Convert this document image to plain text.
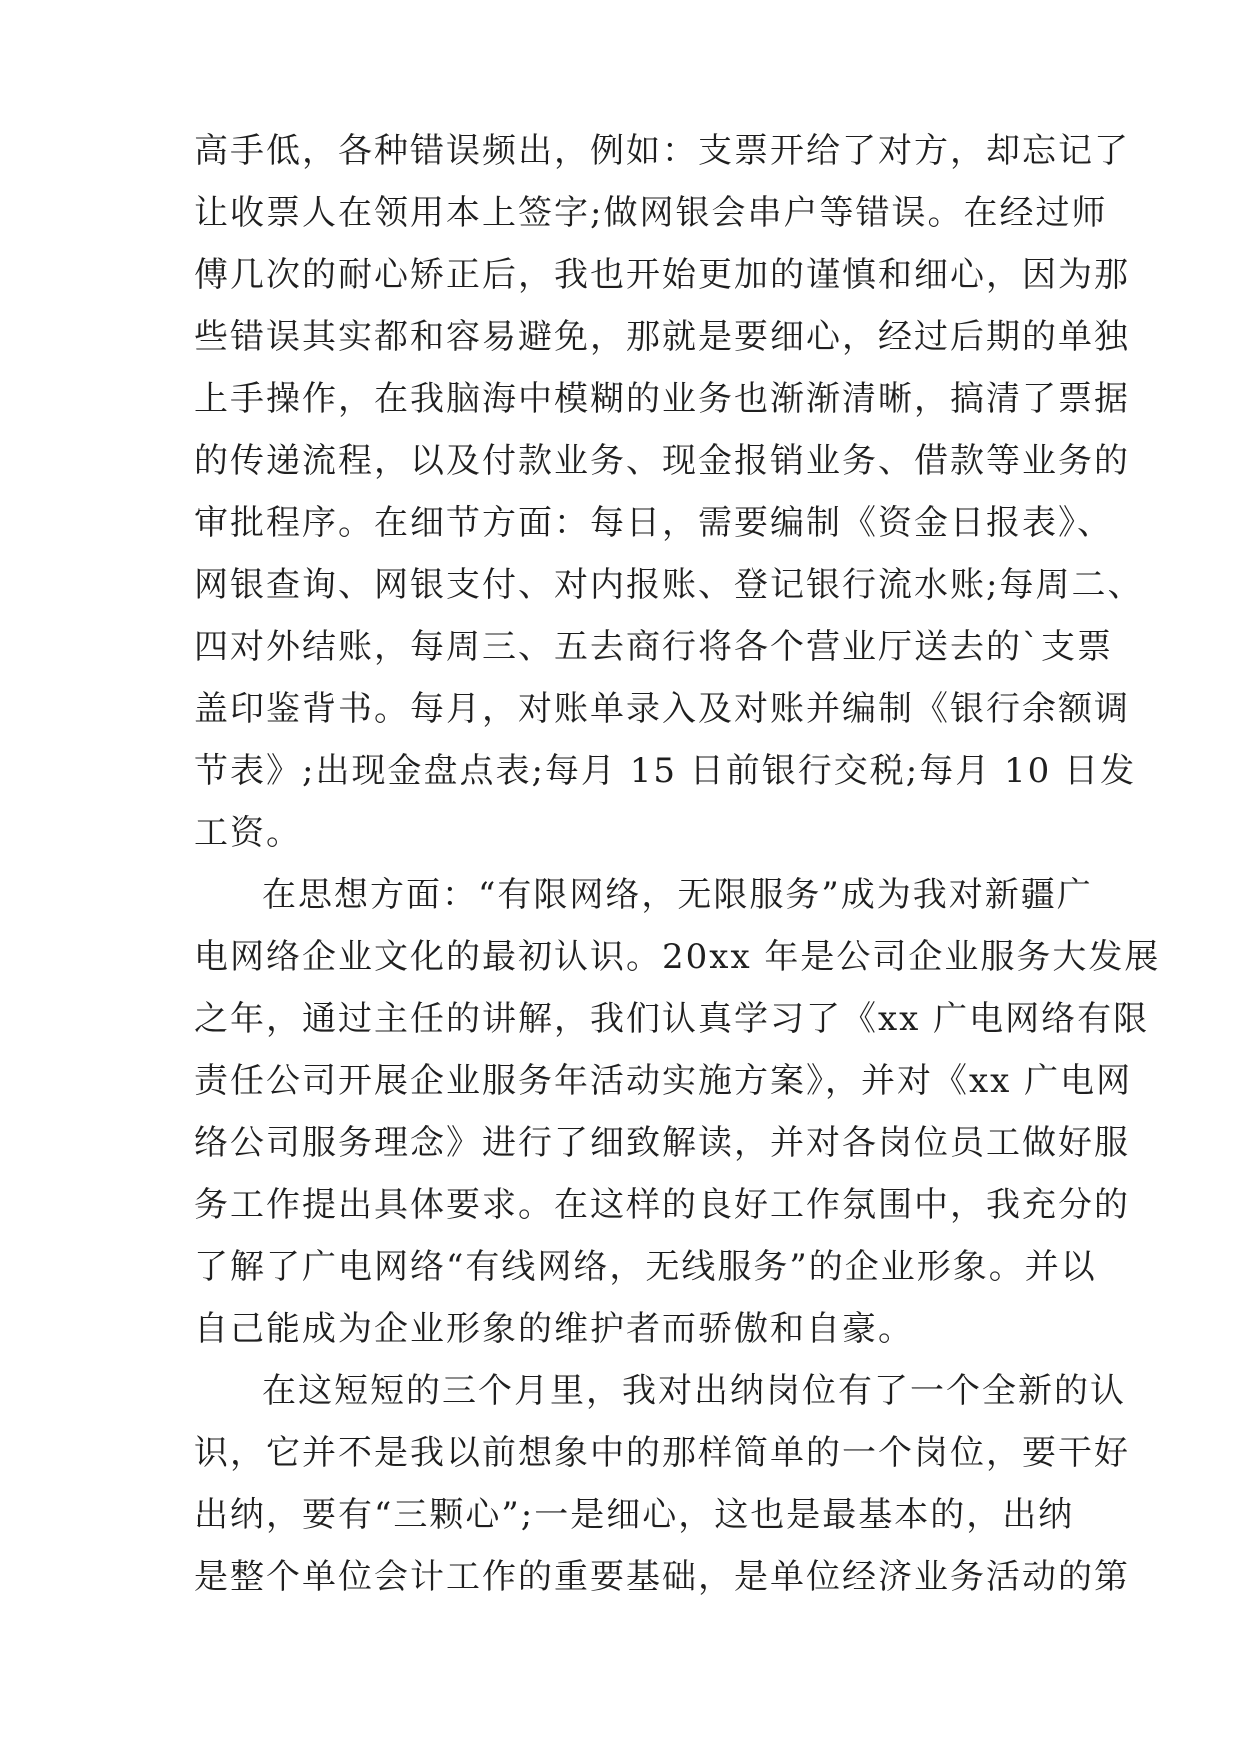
高手低，各种错误频出，例如：支票开给了对方，却忘记了
让收票人在领用本上签字;做网银会串户等错误。在经过师
傅几次的耐心矫正后，我也开始更加的谨慎和细心，因为那
些错误其实都和容易避免，那就是要细心，经过后期的单独
上手操作，在我脑海中模糊的业务也渐渐清晰，搞清了票据
的传递流程，以及付款业务、现金报销业务、借款等业务的
审批程序。在细节方面：每日，需要编制《资金日报表》、
网银查询、网银支付、对内报账、登记银行流水账;每周二、
四对外结账，每周三、五去商行将各个营业厅送去的`支票
盖印鉴背书。每月，对账单录入及对账并编制《银行余额调
节表》;出现金盘点表;每月 15 日前银行交税;每月 10 日发
工资。
在思想方面：“有限网络，无限服务”成为我对新疆广
电网络企业文化的最初认识。20xx 年是公司企业服务大发展
之年，通过主任的讲解，我们认真学习了《xx 广电网络有限
责任公司开展企业服务年活动实施方案》，并对《xx 广电网
络公司服务理念》进行了细致解读，并对各岗位员工做好服
务工作提出具体要求。在这样的良好工作氛围中，我充分的
了解了广电网络“有线网络，无线服务”的企业形象。并以
自己能成为企业形象的维护者而骄傲和自豪。
在这短短的三个月里，我对出纳岗位有了一个全新的认
识，它并不是我以前想象中的那样简单的一个岗位，要干好
出纳，要有“三颗心”;一是细心，这也是最基本的，出纳
是整个单位会计工作的重要基础，是单位经济业务活动的第
